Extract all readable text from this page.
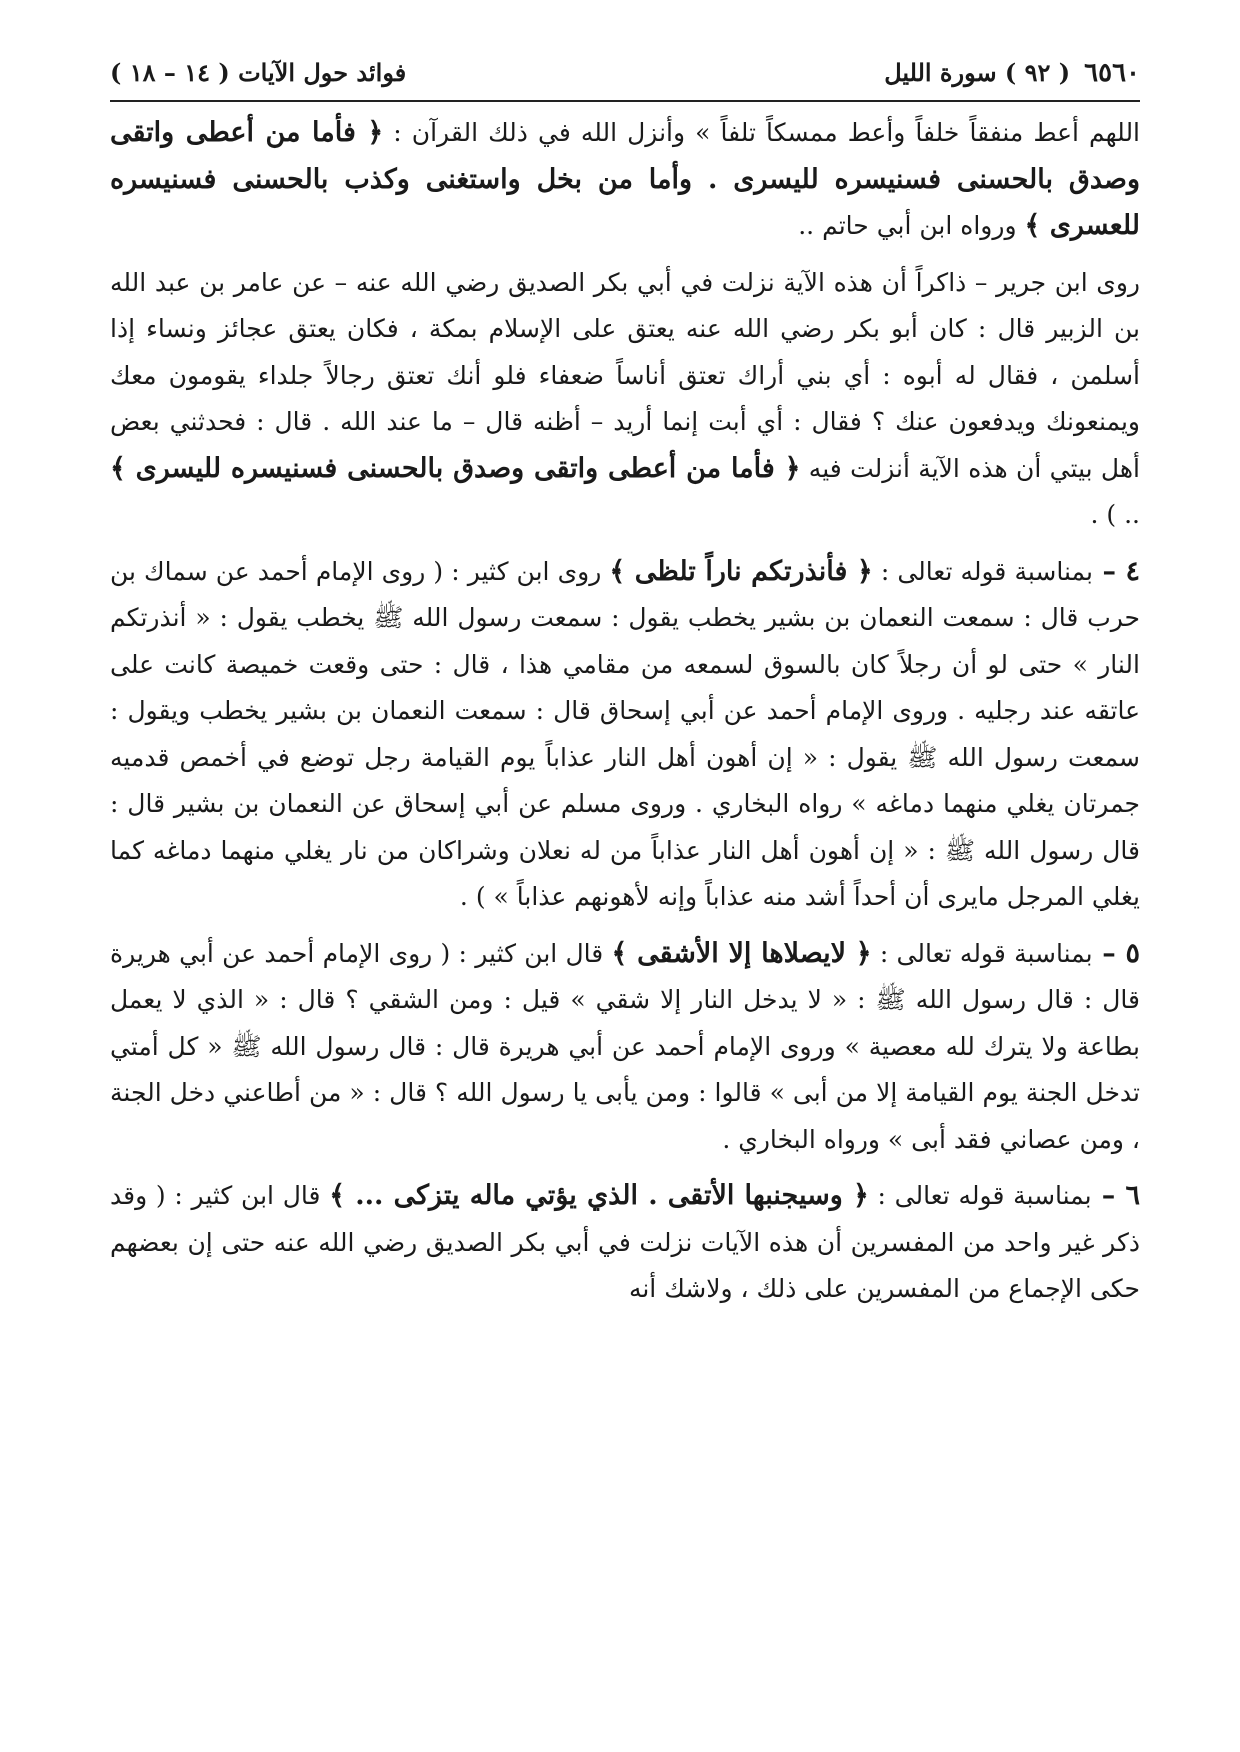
٦٥٦٠
( ٩٢ ) سورة الليل
فوائد حول الآيات ( ١٤ – ١٨ )

اللهم أعط منفقاً خلفاً وأعط ممسكاً تلفاً » وأنزل الله في ذلك القرآن : ﴿ فأما من أعطى واتقى وصدق بالحسنى فسنيسره لليسرى . وأما من بخل واستغنى وكذب بالحسنى فسنيسره للعسرى ﴾ ورواه ابن أبي حاتم ..

روى ابن جرير – ذاكراً أن هذه الآية نزلت في أبي بكر الصديق رضي الله عنه – عن عامر بن عبد الله بن الزبير قال : كان أبو بكر رضي الله عنه يعتق على الإسلام بمكة ، فكان يعتق عجائز ونساء إذا أسلمن ، فقال له أبوه : أي بني أراك تعتق أناساً ضعفاء فلو أنك تعتق رجالاً جلداء يقومون معك ويمنعونك ويدفعون عنك ؟ فقال : أي أبت إنما أريد – أظنه قال – ما عند الله . قال : فحدثني بعض أهل بيتي أن هذه الآية أنزلت فيه ﴿ فأما من أعطى واتقى وصدق بالحسنى فسنيسره لليسرى ﴾ .. ) .

٤ – بمناسبة قوله تعالى : ﴿ فأنذرتكم ناراً تلظى ﴾ روى ابن كثير : ( روى الإمام أحمد عن سماك بن حرب قال : سمعت النعمان بن بشير يخطب يقول : سمعت رسول الله ﷺ يخطب يقول : « أنذرتكم النار » حتى لو أن رجلاً كان بالسوق لسمعه من مقامي هذا ، قال : حتى وقعت خميصة كانت على عاتقه عند رجليه . وروى الإمام أحمد عن أبي إسحاق قال : سمعت النعمان بن بشير يخطب ويقول : سمعت رسول الله ﷺ يقول : « إن أهون أهل النار عذاباً يوم القيامة رجل توضع في أخمص قدميه جمرتان يغلي منهما دماغه » رواه البخاري . وروى مسلم عن أبي إسحاق عن النعمان بن بشير قال : قال رسول الله ﷺ : « إن أهون أهل النار عذاباً من له نعلان وشراكان من نار يغلي منهما دماغه كما يغلي المرجل مايرى أن أحداً أشد منه عذاباً وإنه لأهونهم عذاباً » ) .

٥ – بمناسبة قوله تعالى : ﴿ لايصلاها إلا الأشقى ﴾ قال ابن كثير : ( روى الإمام أحمد عن أبي هريرة قال : قال رسول الله ﷺ : « لا يدخل النار إلا شقي » قيل : ومن الشقي ؟ قال : « الذي لا يعمل بطاعة ولا يترك لله معصية » وروى الإمام أحمد عن أبي هريرة قال : قال رسول الله ﷺ « كل أمتي تدخل الجنة يوم القيامة إلا من أبى » قالوا : ومن يأبى يا رسول الله ؟ قال : « من أطاعني دخل الجنة ، ومن عصاني فقد أبى » ورواه البخاري .

٦ – بمناسبة قوله تعالى : ﴿ وسيجنبها الأتقى . الذي يؤتي ماله يتزكى ... ﴾ قال ابن كثير : ( وقد ذكر غير واحد من المفسرين أن هذه الآيات نزلت في أبي بكر الصديق رضي الله عنه حتى إن بعضهم حكى الإجماع من المفسرين على ذلك ، ولاشك أنه
